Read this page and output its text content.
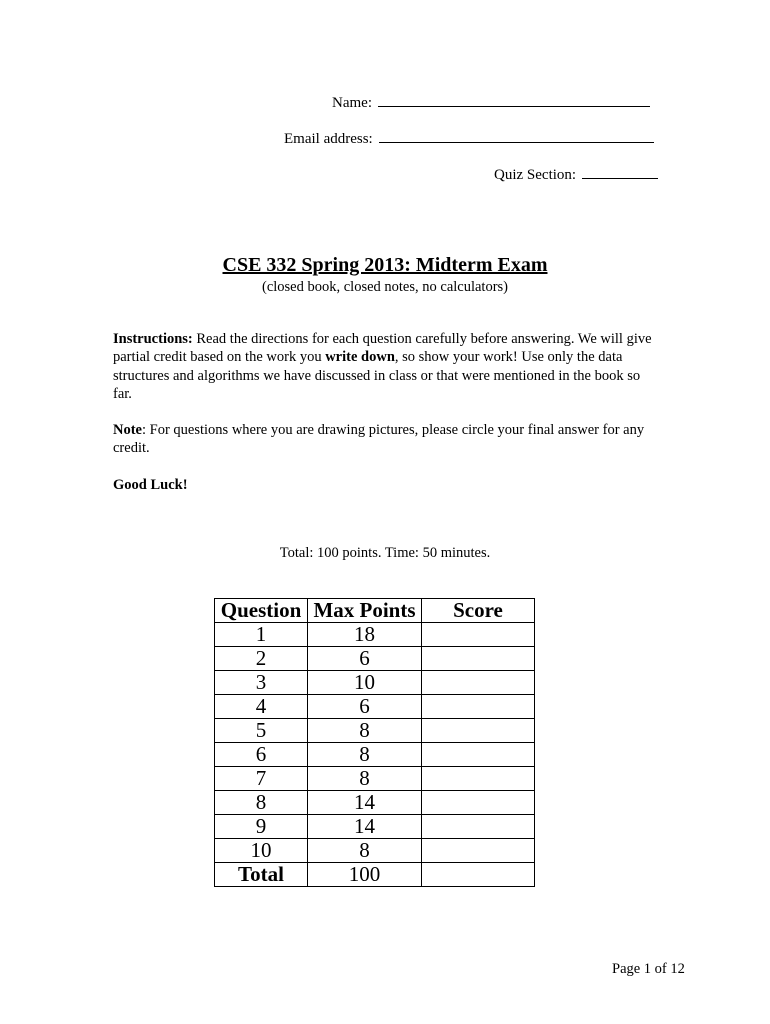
Name:
Email address:
Quiz Section:
CSE 332 Spring 2013: Midterm Exam
(closed book, closed notes, no calculators)
Instructions: Read the directions for each question carefully before answering. We will give partial credit based on the work you write down, so show your work! Use only the data structures and algorithms we have discussed in class or that were mentioned in the book so far.
Note: For questions where you are drawing pictures, please circle your final answer for any credit.
Good Luck!
Total: 100 points. Time: 50 minutes.
Question	Max Points	Score
1	18	
2	6	
3	10	
4	6	
5	8	
6	8	
7	8	
8	14	
9	14	
10	8	
Total	100	
Page 1 of 12
